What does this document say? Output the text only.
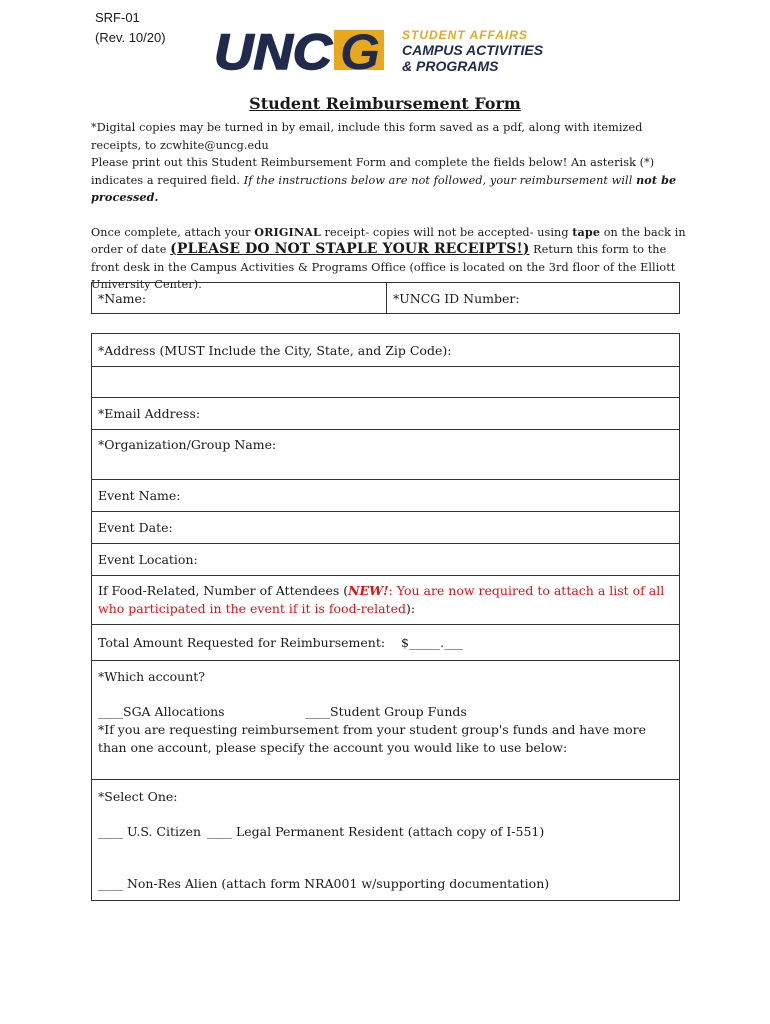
SRF-01
(Rev. 10/20) UNC G STUDENT AFFAIRS
CAMPUS ACTIVITIES
& PROGRAMS
Student Reimbursement Form

*Digital copies may be turned in by email, include this form saved as a pdf, along with itemized receipts, to zcwhite@uncg.edu

Please print out this Student Reimbursement Form and complete the fields below! An asterisk (*) indicates a required field. If the instructions below are not followed, your reimbursement will not be processed.

Once complete, attach your ORIGINAL receipt- copies will not be accepted- using tape on the back in order of date (PLEASE DO NOT STAPLE YOUR RECEIPTS!) Return this form to the front desk in the Campus Activities & Programs Office (office is located on the 3rd floor of the Elliott University Center).

*Name:	*UNCG ID Number:
*Address (MUST Include the City, State, and Zip Code):

*Email Address:
*Organization/Group Name:
Event Name:
Event Date:
Event Location:
If Food-Related, Number of Attendees (NEW!: You are now required to attach a list of all who participated in the event if it is food-related):
Total Amount Requested for Reimbursement: $_____.___

*Which account?
____SGA Allocations	____Student Group Funds
*If you are requesting reimbursement from your student group's funds and have more than one account, please specify the account you would like to use below:

*Select One:
____ U.S. Citizen ____ Legal Permanent Resident (attach copy of I-551)
____ Non-Res Alien (attach form NRA001 w/supporting documentation)
